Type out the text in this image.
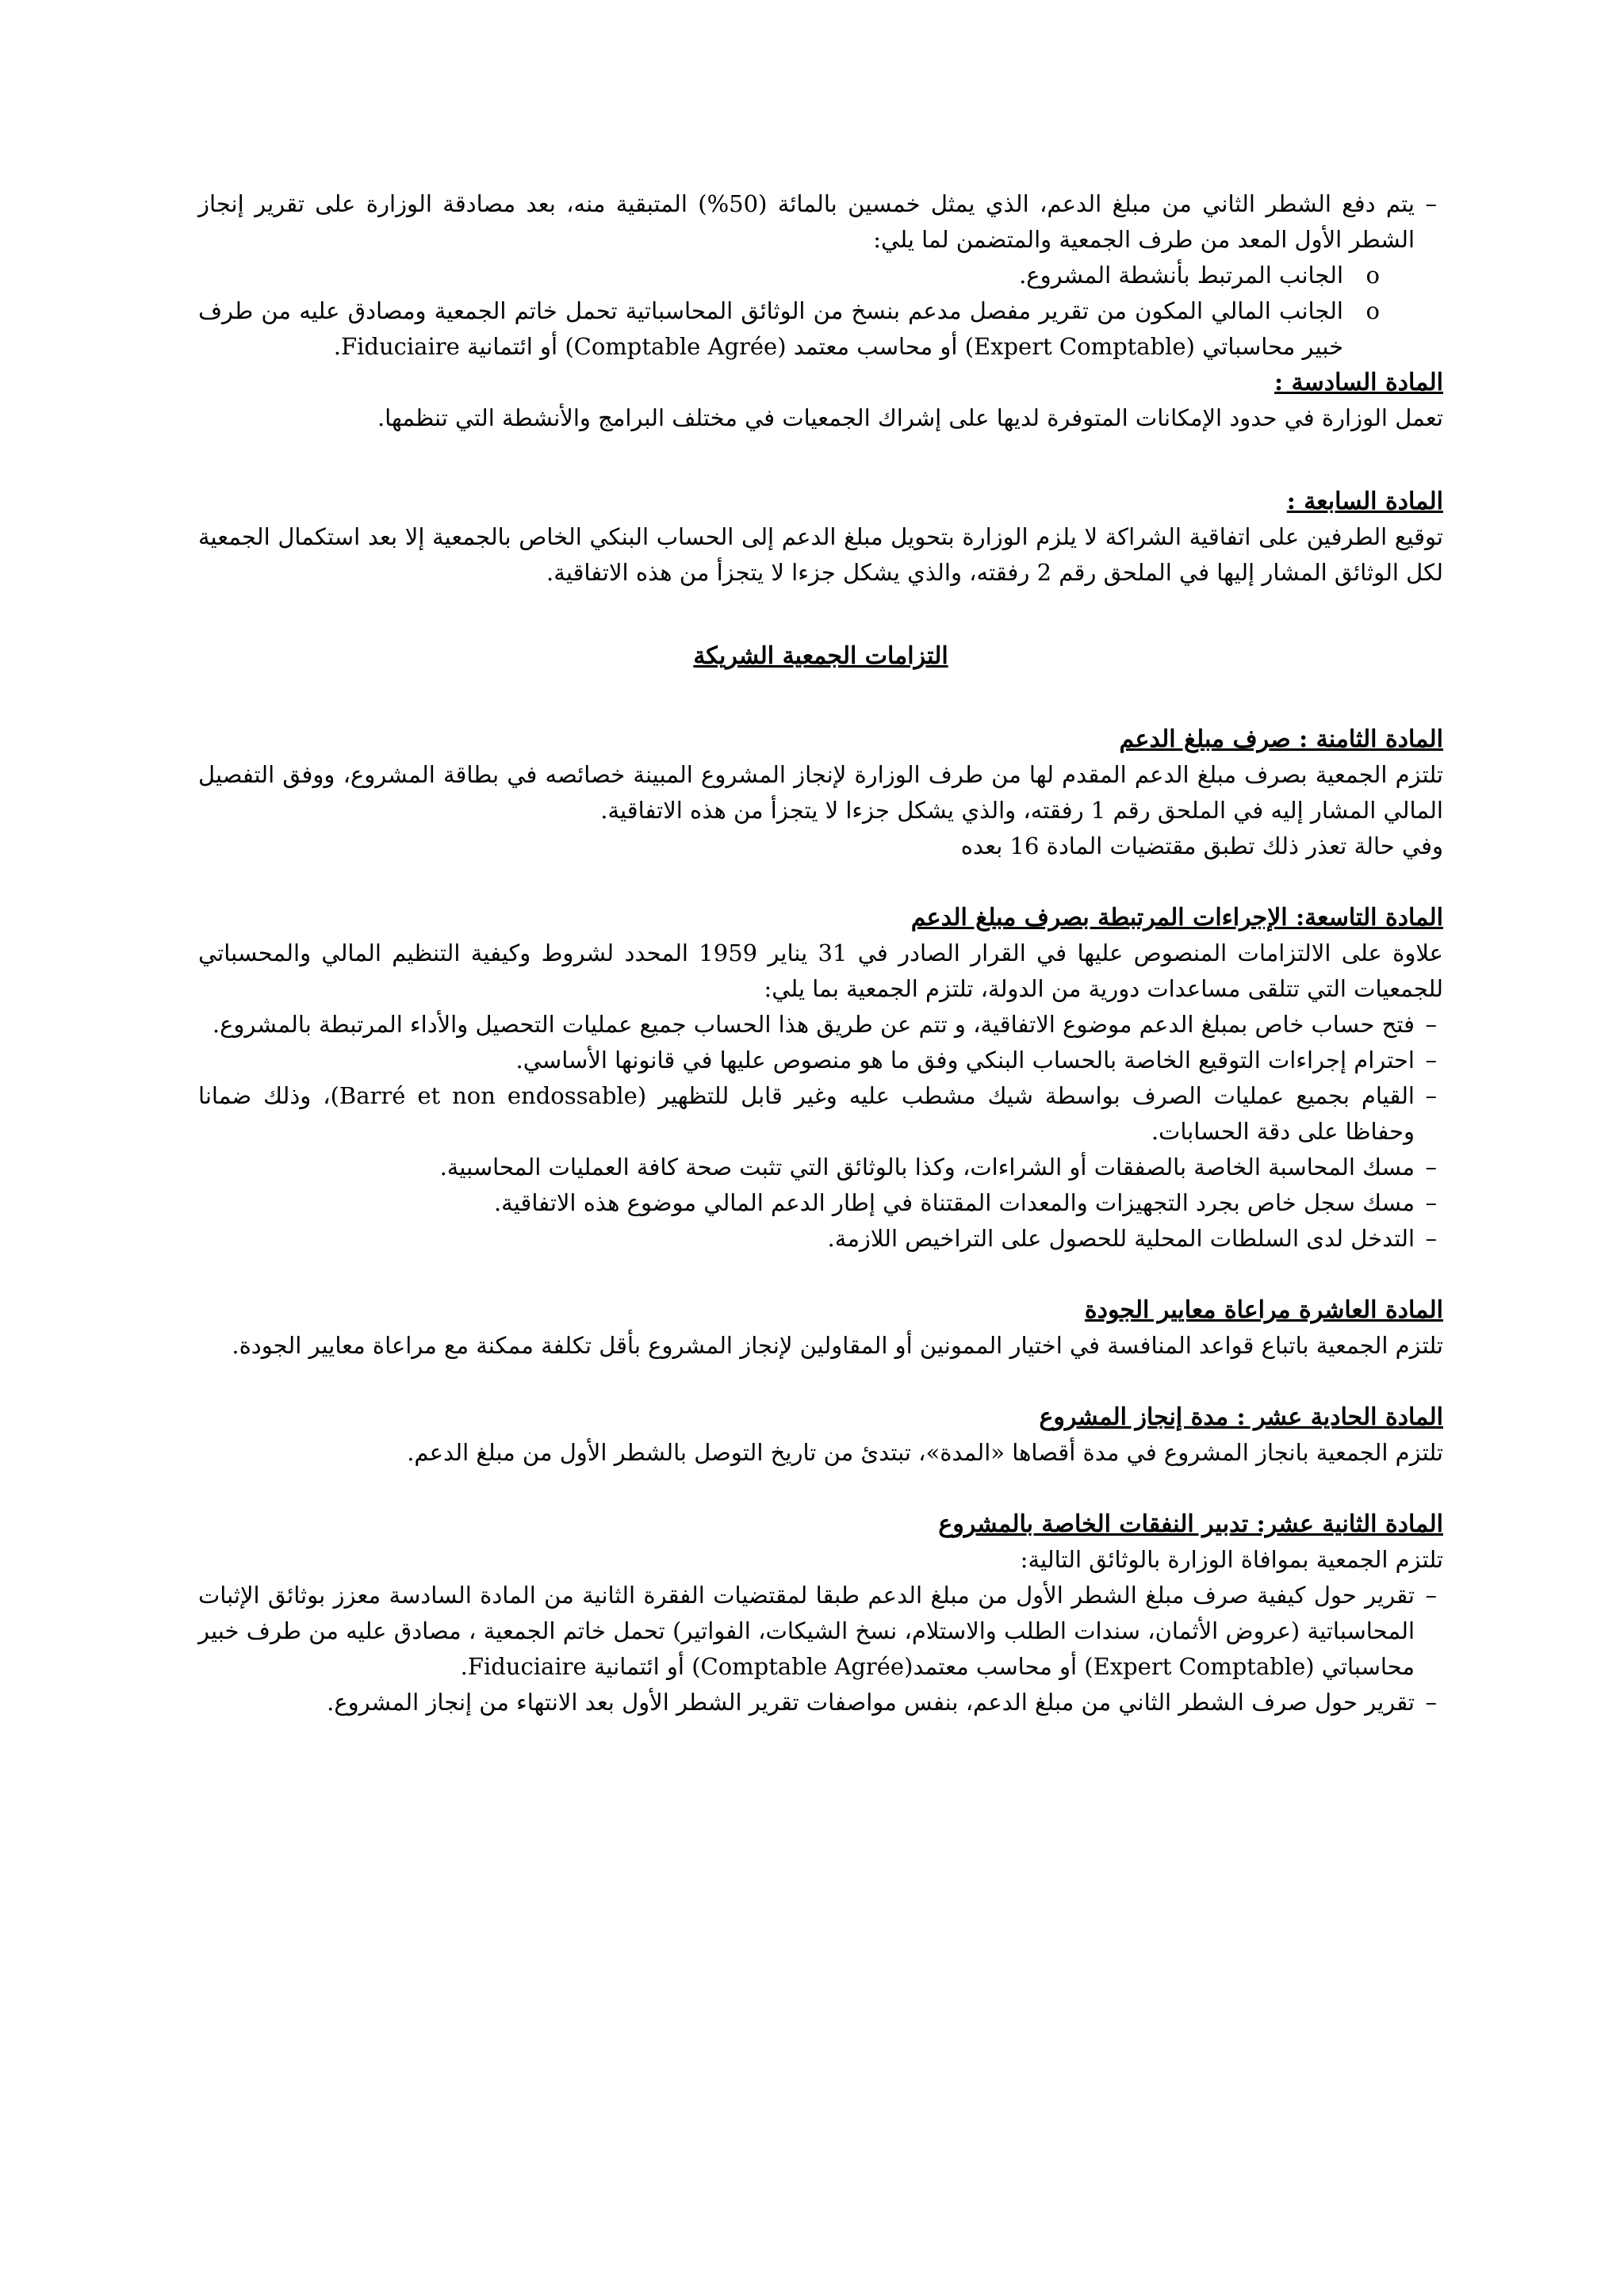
– يتم دفع الشطر الثاني من مبلغ الدعم، الذي يمثل خمسين بالمائة (50%) المتبقية منه، بعد مصادقة الوزارة على تقرير إنجاز الشطر الأول المعد من طرف الجمعية والمتضمن لما يلي:
o الجانب المرتبط بأنشطة المشروع.
o الجانب المالي المكون من تقرير مفصل مدعم بنسخ من الوثائق المحاسباتية تحمل خاتم الجمعية ومصادق عليه من طرف خبير محاسباتي (Expert Comptable) أو محاسب معتمد (Comptable Agrée) أو ائتمانية Fiduciaire.

المادة السادسة :

تعمل الوزارة في حدود الإمكانات المتوفرة لديها على إشراك الجمعيات في مختلف البرامج والأنشطة التي تنظمها.

المادة السابعة :

توقيع الطرفين على اتفاقية الشراكة لا يلزم الوزارة بتحويل مبلغ الدعم إلى الحساب البنكي الخاص بالجمعية إلا بعد استكمال الجمعية لكل الوثائق المشار إليها في الملحق رقم 2 رفقته، والذي يشكل جزءا لا يتجزأ من هذه الاتفاقية.

التزامات الجمعية الشريكة

المادة الثامنة : صرف مبلغ الدعم

تلتزم الجمعية بصرف مبلغ الدعم المقدم لها من طرف الوزارة لإنجاز المشروع المبينة خصائصه في بطاقة المشروع، ووفق التفصيل المالي المشار إليه في الملحق رقم 1 رفقته، والذي يشكل جزءا لا يتجزأ من هذه الاتفاقية.

وفي حالة تعذر ذلك تطبق مقتضيات المادة 16 بعده

المادة التاسعة: الإجراءات المرتبطة بصرف مبلغ الدعم

علاوة على الالتزامات المنصوص عليها في القرار الصادر في 31 يناير 1959 المحدد لشروط وكيفية التنظيم المالي والمحسباتي للجمعيات التي تتلقى مساعدات دورية من الدولة، تلتزم الجمعية بما يلي:

– فتح حساب خاص بمبلغ الدعم موضوع الاتفاقية، و تتم عن طريق هذا الحساب جميع عمليات التحصيل والأداء المرتبطة بالمشروع.
– احترام إجراءات التوقيع الخاصة بالحساب البنكي وفق ما هو منصوص عليها في قانونها الأساسي.
– القيام بجميع عمليات الصرف بواسطة شيك مشطب عليه وغير قابل للتظهير (Barré et non endossable)، وذلك ضمانا وحفاظا على دقة الحسابات.
– مسك المحاسبة الخاصة بالصفقات أو الشراءات، وكذا بالوثائق التي تثبت صحة كافة العمليات المحاسبية.
– مسك سجل خاص بجرد التجهيزات والمعدات المقتناة في إطار الدعم المالي موضوع هذه الاتفاقية.
– التدخل لدى السلطات المحلية للحصول على التراخيص اللازمة.

المادة العاشرة مراعاة معايير الجودة

تلتزم الجمعية باتباع قواعد المنافسة في اختيار الممونين أو المقاولين لإنجاز المشروع بأقل تكلفة ممكنة مع مراعاة معايير الجودة.

المادة الحادية عشر : مدة إنجاز المشروع

تلتزم الجمعية بانجاز المشروع في مدة أقصاها «المدة»، تبتدئ من تاريخ التوصل بالشطر الأول من مبلغ الدعم.

المادة الثانية عشر: تدبير النفقات الخاصة بالمشروع

تلتزم الجمعية بموافاة الوزارة بالوثائق التالية:

– تقرير حول كيفية صرف مبلغ الشطر الأول من مبلغ الدعم طبقا لمقتضيات الفقرة الثانية من المادة السادسة معزز بوثائق الإثبات المحاسباتية (عروض الأثمان، سندات الطلب والاستلام، نسخ الشيكات، الفواتير) تحمل خاتم الجمعية ، مصادق عليه من طرف خبير محاسباتي (Expert Comptable) أو محاسب معتمد(Comptable Agrée) أو ائتمانية Fiduciaire.
– تقرير حول صرف الشطر الثاني من مبلغ الدعم، بنفس مواصفات تقرير الشطر الأول بعد الانتهاء من إنجاز المشروع.
